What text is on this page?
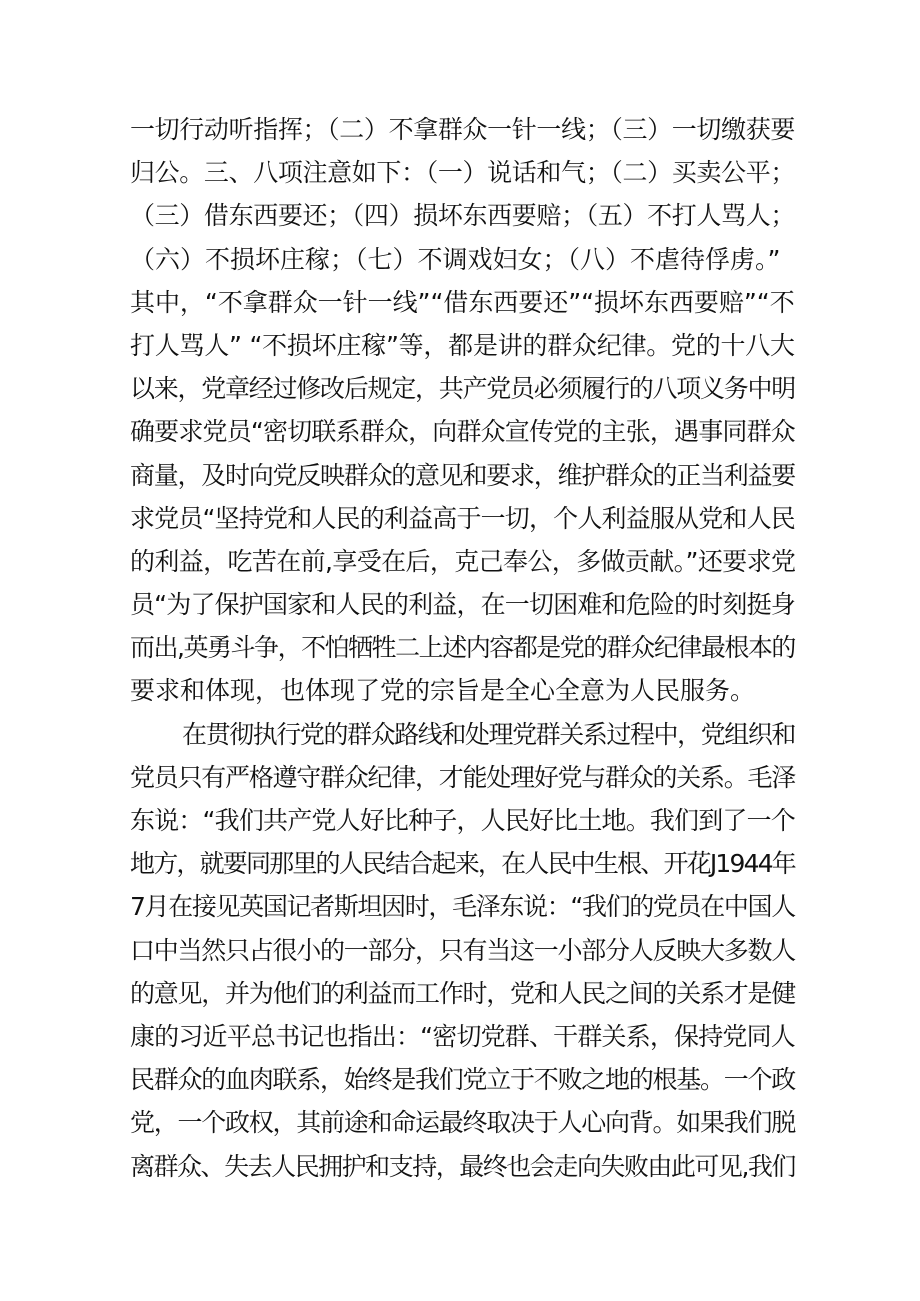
一切行动听指挥；（二）不拿群众一针一线；（三）一切缴获要
归公。三、八项注意如下：（一）说话和气；（二）买卖公平；
（三）借东西要还；（四）损坏东西要赔；（五）不打人骂人；
（六）不损坏庄稼；（七）不调戏妇女；（八）不虐待俘虏。”
其中，“不拿群众一针一线”“借东西要还”“损坏东西要赔”“不
打人骂人” “不损坏庄稼”等，都是讲的群众纪律。党的十八大
以来，党章经过修改后规定，共产党员必须履行的八项义务中明
确要求党员“密切联系群众，向群众宣传党的主张，遇事同群众
商量，及时向党反映群众的意见和要求，维护群众的正当利益要
求党员“坚持党和人民的利益高于一切，个人利益服从党和人民
的利益，吃苦在前,享受在后，克己奉公，多做贡献。”还要求党
员“为了保护国家和人民的利益，在一切困难和危险的时刻挺身
而出,英勇斗争，不怕牺牲二上述内容都是党的群众纪律最根本的
要求和体现，也体现了党的宗旨是全心全意为人民服务。
在贯彻执行党的群众路线和处理党群关系过程中，党组织和
党员只有严格遵守群众纪律，才能处理好党与群众的关系。毛泽
东说：“我们共产党人好比种子，人民好比土地。我们到了一个
地方，就要同那里的人民结合起来，在人民中生根、开花J1944年
7月在接见英国记者斯坦因时，毛泽东说：“我们的党员在中国人
口中当然只占很小的一部分，只有当这一小部分人反映大多数人
的意见，并为他们的利益而工作时，党和人民之间的关系才是健
康的习近平总书记也指出：“密切党群、干群关系，保持党同人
民群众的血肉联系，始终是我们党立于不败之地的根基。一个政
党，一个政权，其前途和命运最终取决于人心向背。如果我们脱
离群众、失去人民拥护和支持，最终也会走向失败由此可见,我们
